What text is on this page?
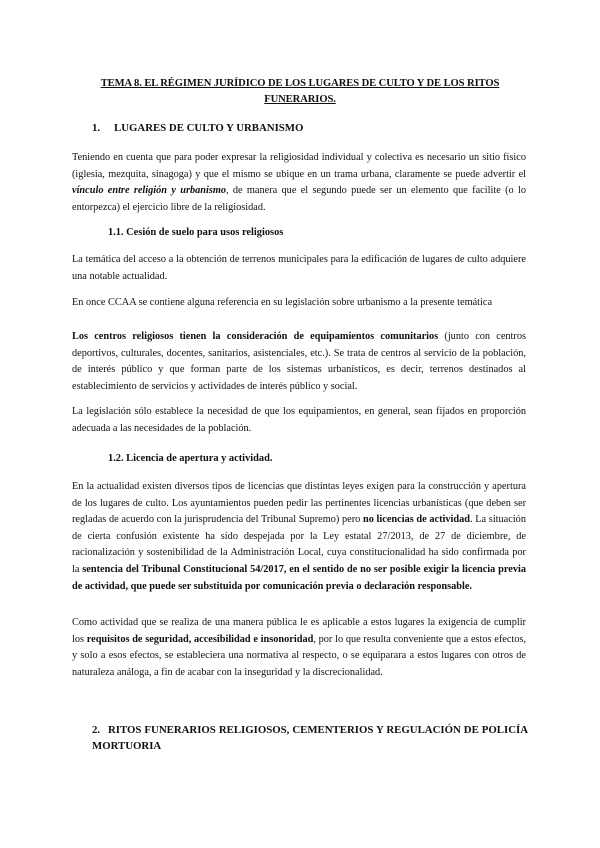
TEMA 8. EL RÉGIMEN JURÍDICO DE LOS LUGARES DE CULTO Y DE LOS RITOS FUNERARIOS.
1. LUGARES DE CULTO Y URBANISMO

Teniendo en cuenta que para poder expresar la religiosidad individual y colectiva es necesario un sitio físico (iglesia, mezquita, sinagoga) y que el mismo se ubique en un trama urbana, claramente se puede advertir el vínculo entre religión y urbanismo, de manera que el segundo puede ser un elemento que facilite (o lo entorpezca) el ejercicio libre de la religiosidad.

1.1. Cesión de suelo para usos religiosos

La temática del acceso a la obtención de terrenos municipales para la edificación de lugares de culto adquiere una notable actualidad.

En once CCAA se contiene alguna referencia en su legislación sobre urbanismo a la presente temática

Los centros religiosos tienen la consideración de equipamientos comunitarios (junto con centros deportivos, culturales, docentes, sanitarios, asistenciales, etc.). Se trata de centros al servicio de la población, de interés público y que forman parte de los sistemas urbanísticos, es decir, terrenos destinados al establecimiento de servicios y actividades de interés público y social.

La legislación sólo establece la necesidad de que los equipamientos, en general, sean fijados en proporción adecuada a las necesidades de la población.

1.2. Licencia de apertura y actividad.

En la actualidad existen diversos tipos de licencias que distintas leyes exigen para la construcción y apertura de los lugares de culto. Los ayuntamientos pueden pedir las pertinentes licencias urbanísticas (que deben ser regladas de acuerdo con la jurisprudencia del Tribunal Supremo) pero no licencias de actividad. La situación de cierta confusión existente ha sido despejada por la Ley estatal 27/2013, de 27 de diciembre, de racionalización y sostenibilidad de la Administración Local, cuya constitucionalidad ha sido confirmada por la sentencia del Tribunal Constitucional 54/2017, en el sentido de no ser posible exigir la licencia previa de actividad, que puede ser substituida por comunicación previa o declaración responsable.

Como actividad que se realiza de una manera pública le es aplicable a estos lugares la exigencia de cumplir los requisitos de seguridad, accesibilidad e insonoridad, por lo que resulta conveniente que a estos efectos, y solo a esos efectos, se estableciera una normativa al respecto, o se equiparara a estos lugares con otros de naturaleza análoga, a fin de acabar con la inseguridad y la discrecionalidad.

2. RITOS FUNERARIOS RELIGIOSOS, CEMENTERIOS Y REGULACIÓN DE POLICÍA MORTUORIA
